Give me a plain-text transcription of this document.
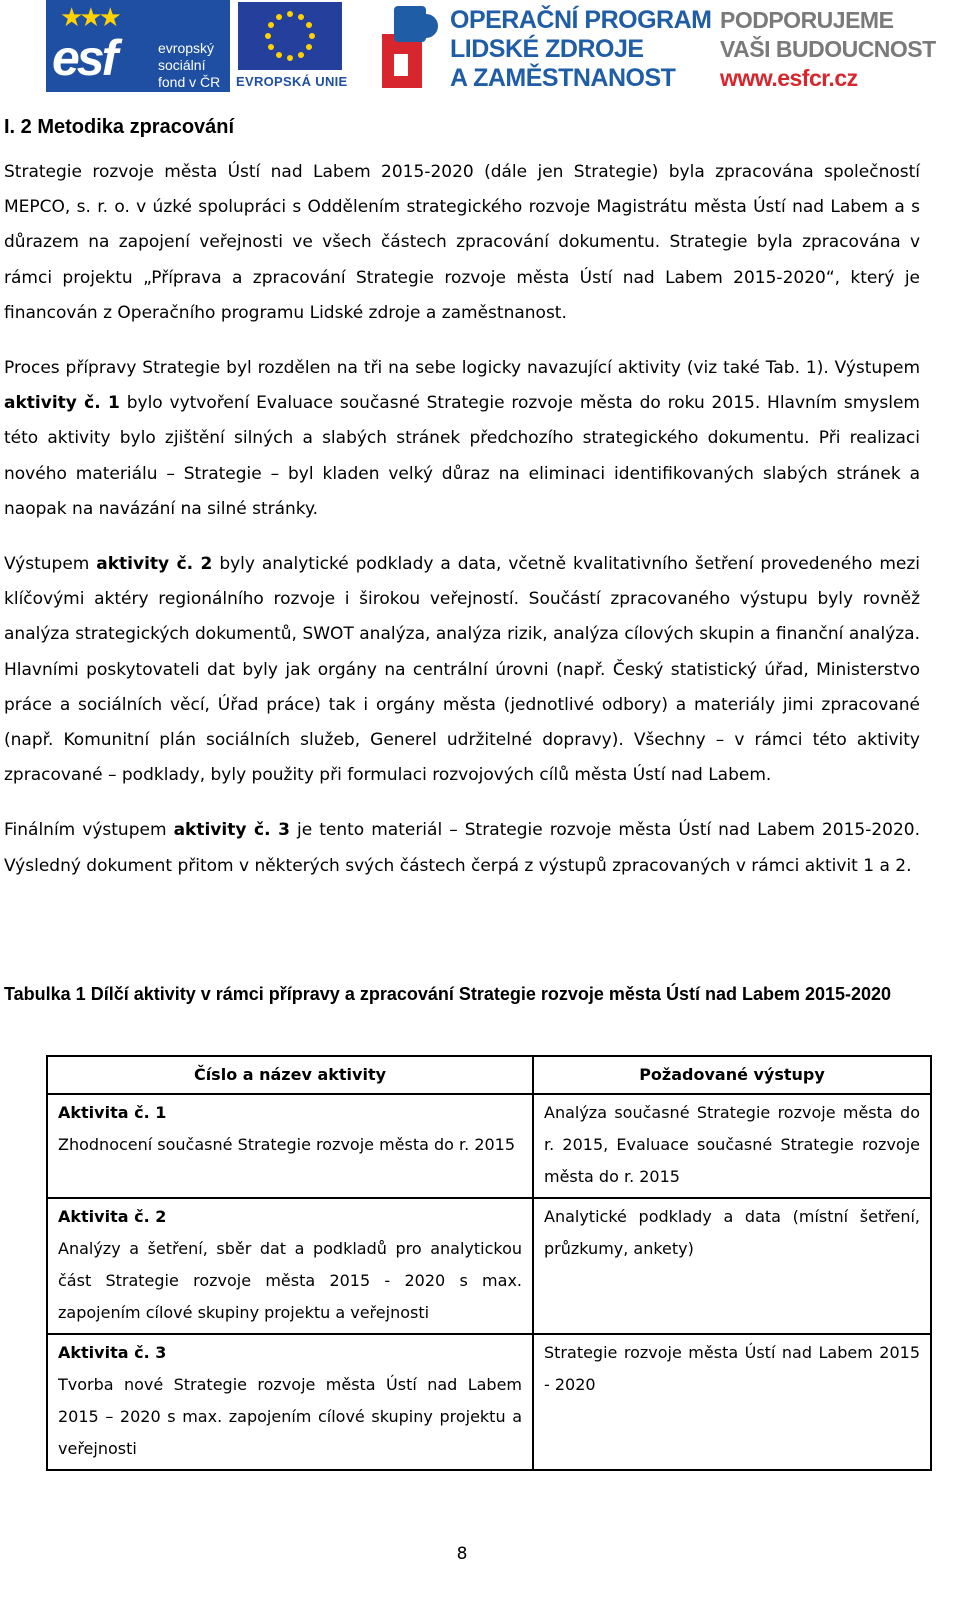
★★★
esf	evropský
sociální
fond v ČR EVROPSKÁ UNIE
OPERAČNÍ PROGRAM
LIDSKÉ ZDROJE
A ZAMĚSTNANOST
PODPORUJEME
VAŠI BUDOUCNOST
www.esfcr.cz
I. 2 Metodika zpracování

Strategie rozvoje města Ústí nad Labem 2015-2020 (dále jen Strategie) byla zpracována společností MEPCO, s. r. o. v úzké spolupráci s Oddělením strategického rozvoje Magistrátu města Ústí nad Labem a s důrazem na zapojení veřejnosti ve všech částech zpracování dokumentu. Strategie byla zpracována v rámci projektu „Příprava a zpracování Strategie rozvoje města Ústí nad Labem 2015-2020“, který je financován z Operačního programu Lidské zdroje a zaměstnanost.

Proces přípravy Strategie byl rozdělen na tři na sebe logicky navazující aktivity (viz také Tab. 1). Výstupem aktivity č. 1 bylo vytvoření Evaluace současné Strategie rozvoje města do roku 2015. Hlavním smyslem této aktivity bylo zjištění silných a slabých stránek předchozího strategického dokumentu. Při realizaci nového materiálu – Strategie – byl kladen velký důraz na eliminaci identifikovaných slabých stránek a naopak na navázání na silné stránky.

Výstupem aktivity č. 2 byly analytické podklady a data, včetně kvalitativního šetření provedeného mezi klíčovými aktéry regionálního rozvoje i širokou veřejností. Součástí zpracovaného výstupu byly rovněž analýza strategických dokumentů, SWOT analýza, analýza rizik, analýza cílových skupin a finanční analýza. Hlavními poskytovateli dat byly jak orgány na centrální úrovni (např. Český statistický úřad, Ministerstvo práce a sociálních věcí, Úřad práce) tak i orgány města (jednotlivé odbory) a materiály jimi zpracované (např. Komunitní plán sociálních služeb, Generel udržitelné dopravy). Všechny – v rámci této aktivity zpracované – podklady, byly použity při formulaci rozvojových cílů města Ústí nad Labem.

Finálním výstupem aktivity č. 3 je tento materiál – Strategie rozvoje města Ústí nad Labem 2015-2020. Výsledný dokument přitom v některých svých částech čerpá z výstupů zpracovaných v rámci aktivit 1 a 2.

Tabulka 1 Dílčí aktivity v rámci přípravy a zpracování Strategie rozvoje města Ústí nad Labem 2015-2020

Číslo a název aktivity	Požadované výstupy

Aktivita č. 1
Zhodnocení současné Strategie rozvoje města do r. 2015	Analýza současné Strategie rozvoje města do r. 2015, Evaluace současné Strategie rozvoje města do r. 2015

Aktivita č. 2
Analýzy a šetření, sběr dat a podkladů pro analytickou část Strategie rozvoje města 2015 - 2020 s max. zapojením cílové skupiny projektu a veřejnosti	Analytické podklady a data (místní šetření, průzkumy, ankety)

Aktivita č. 3
Tvorba nové Strategie rozvoje města Ústí nad Labem 2015 – 2020 s max. zapojením cílové skupiny projektu a veřejnosti	Strategie rozvoje města Ústí nad Labem 2015 - 2020
8
